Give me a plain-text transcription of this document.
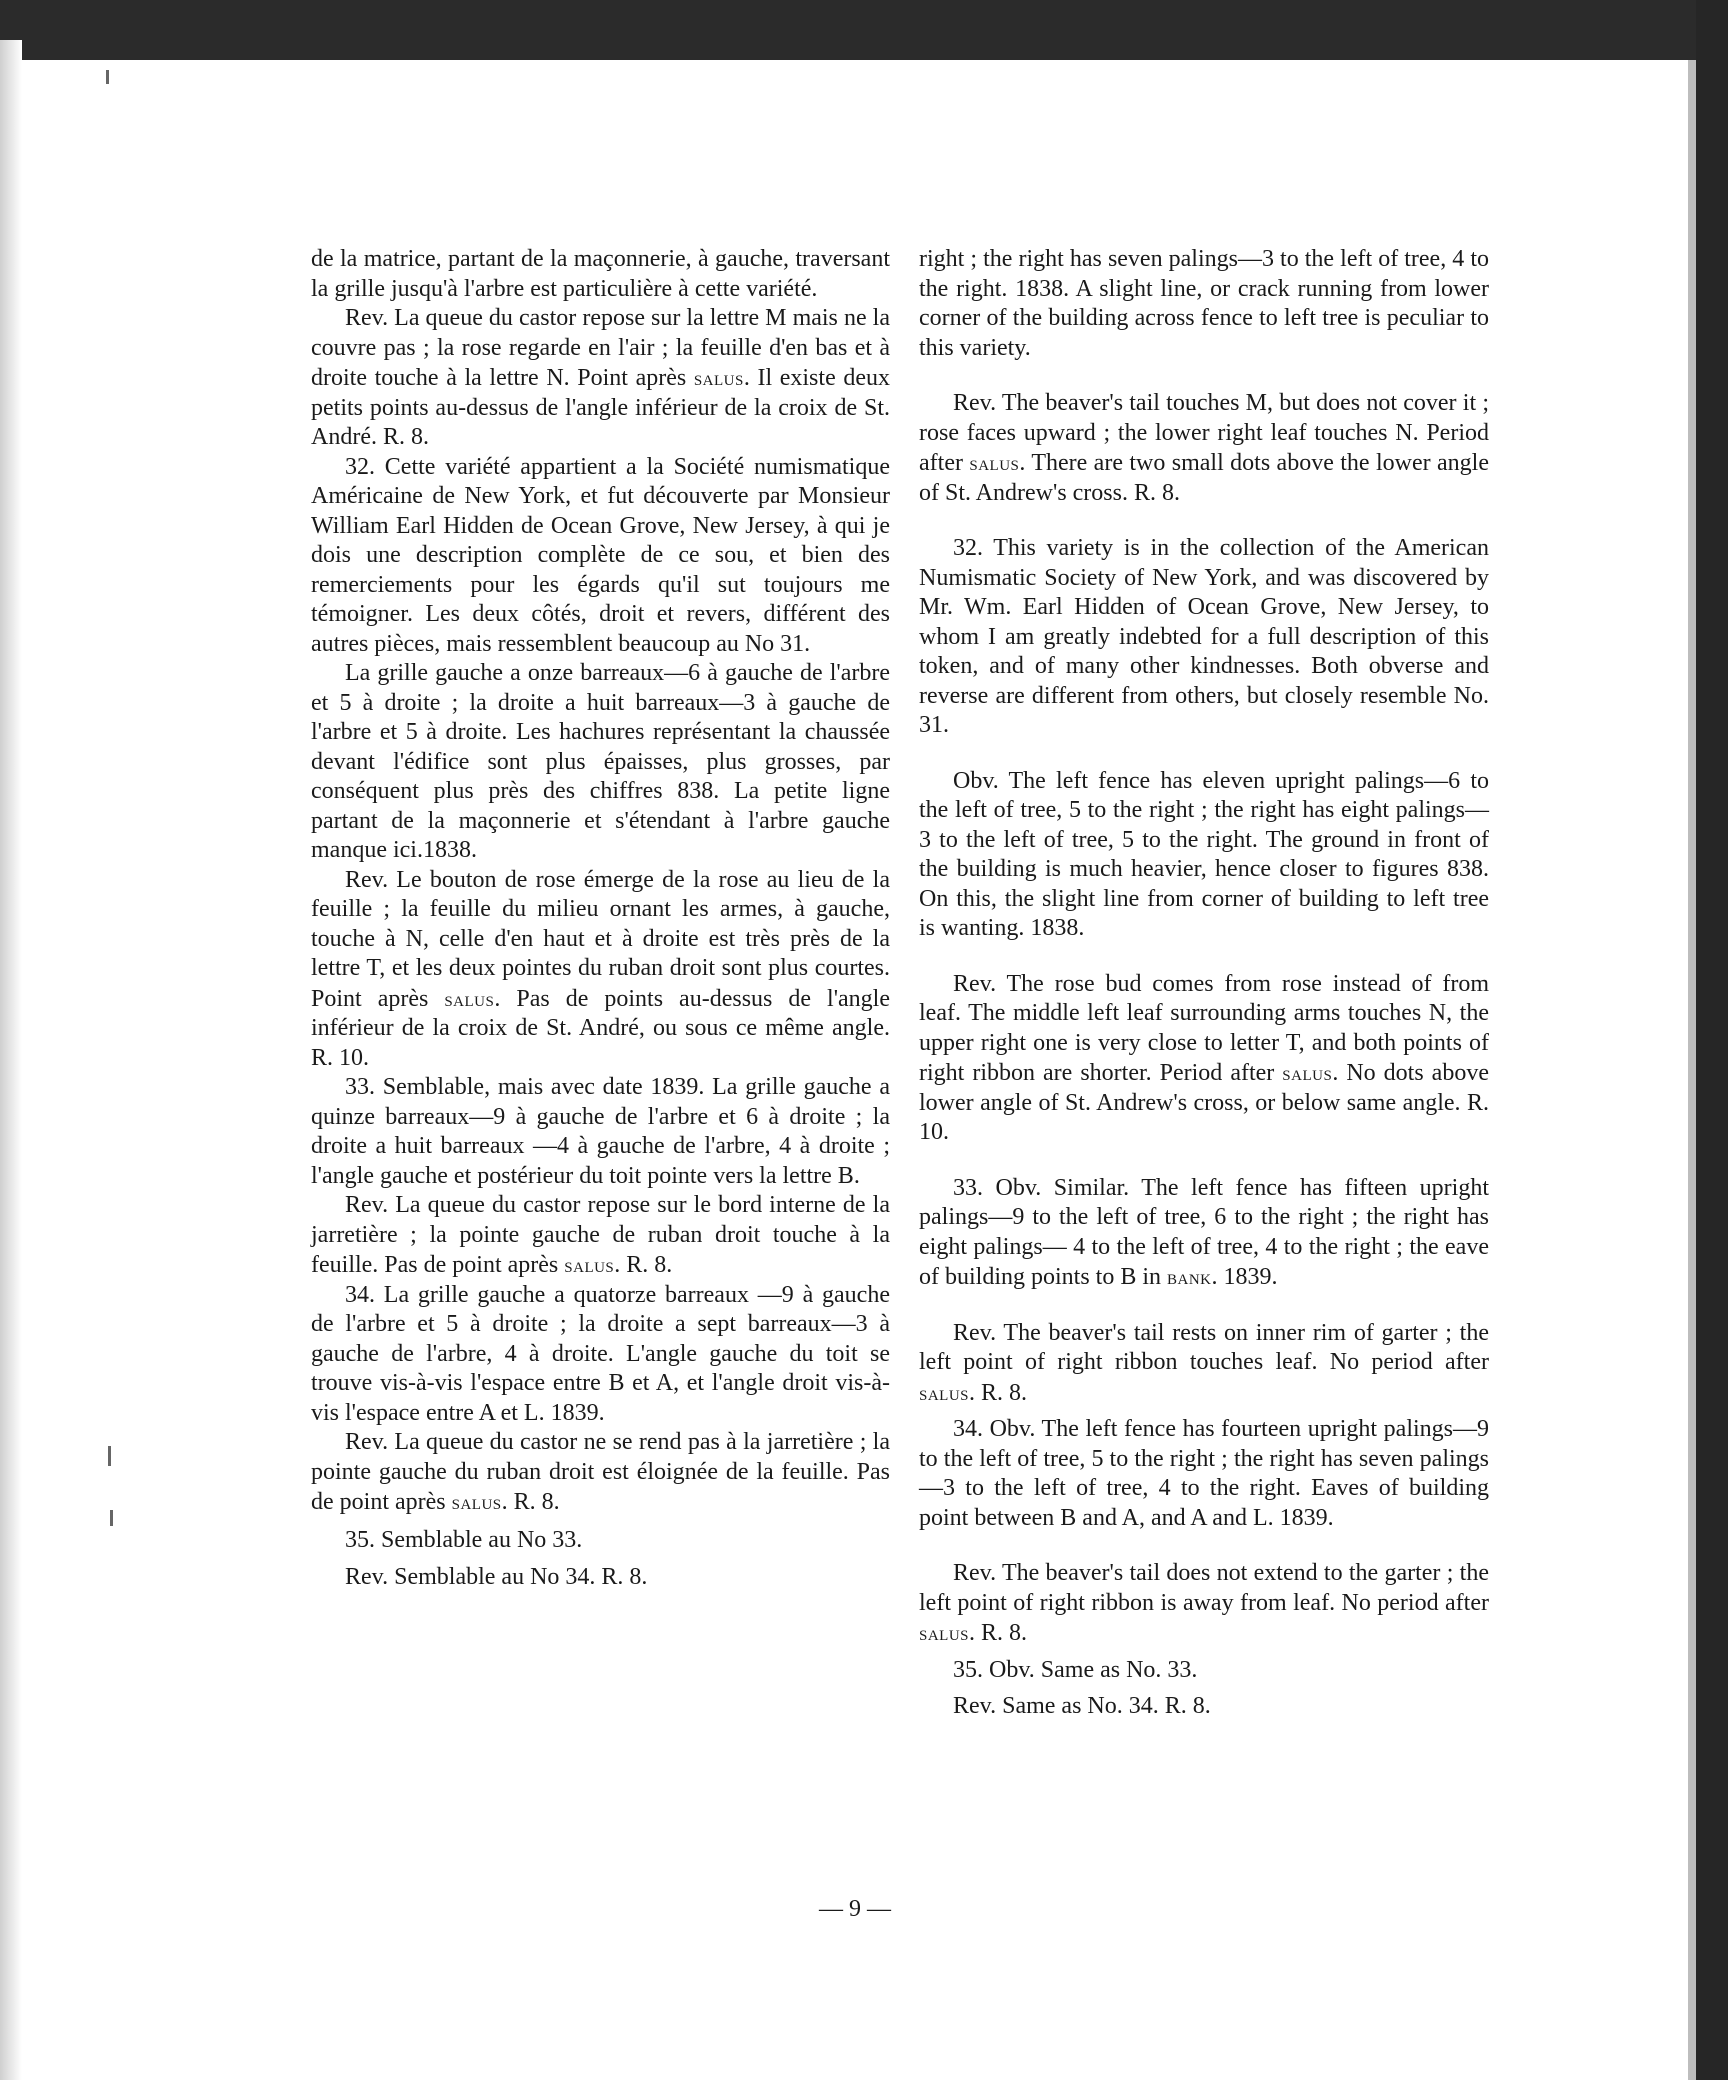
de la matrice, partant de la maçonnerie, à gauche, traversant la grille jusqu'à l'arbre est particulière à cette variété.

Rev. La queue du castor repose sur la lettre M mais ne la couvre pas ; la rose regarde en l'air ; la feuille d'en bas et à droite touche à la lettre N. Point après salus. Il existe deux petits points au-dessus de l'angle inférieur de la croix de St. André. R. 8.

32. Cette variété appartient a la Société numismatique Américaine de New York, et fut découverte par Monsieur William Earl Hidden de Ocean Grove, New Jersey, à qui je dois une description complète de ce sou, et bien des remerciements pour les égards qu'il sut toujours me témoigner. Les deux côtés, droit et revers, différent des autres pièces, mais ressemblent beaucoup au No 31.

La grille gauche a onze barreaux—6 à gauche de l'arbre et 5 à droite ; la droite a huit barreaux—3 à gauche de l'arbre et 5 à droite. Les hachures représentant la chaussée devant l'édifice sont plus épaisses, plus grosses, par conséquent plus près des chiffres 838. La petite ligne partant de la maçonnerie et s'étendant à l'arbre gauche manque ici.1838.

Rev. Le bouton de rose émerge de la rose au lieu de la feuille ; la feuille du milieu ornant les armes, à gauche, touche à N, celle d'en haut et à droite est très près de la lettre T, et les deux pointes du ruban droit sont plus courtes. Point après salus. Pas de points au-dessus de l'angle inférieur de la croix de St. André, ou sous ce même angle. R. 10.

33. Semblable, mais avec date 1839. La grille gauche a quinze barreaux—9 à gauche de l'arbre et 6 à droite ; la droite a huit barreaux —4 à gauche de l'arbre, 4 à droite ; l'angle gauche et postérieur du toit pointe vers la lettre B.

Rev. La queue du castor repose sur le bord interne de la jarretière ; la pointe gauche de ruban droit touche à la feuille. Pas de point après salus. R. 8.

34. La grille gauche a quatorze barreaux —9 à gauche de l'arbre et 5 à droite ; la droite a sept barreaux—3 à gauche de l'arbre, 4 à droite. L'angle gauche du toit se trouve vis-à-vis l'espace entre B et A, et l'angle droit vis-à-vis l'espace entre A et L. 1839.

Rev. La queue du castor ne se rend pas à la jarretière ; la pointe gauche du ruban droit est éloignée de la feuille. Pas de point après salus. R. 8.

35. Semblable au No 33.

Rev. Semblable au No 34. R. 8.

right ; the right has seven palings—3 to the left of tree, 4 to the right. 1838. A slight line, or crack running from lower corner of the building across fence to left tree is peculiar to this variety.

Rev. The beaver's tail touches M, but does not cover it ; rose faces upward ; the lower right leaf touches N. Period after salus. There are two small dots above the lower angle of St. Andrew's cross. R. 8.

32. This variety is in the collection of the American Numismatic Society of New York, and was discovered by Mr. Wm. Earl Hidden of Ocean Grove, New Jersey, to whom I am greatly indebted for a full description of this token, and of many other kindnesses. Both obverse and reverse are different from others, but closely resemble No. 31.

Obv. The left fence has eleven upright palings—6 to the left of tree, 5 to the right ; the right has eight palings—3 to the left of tree, 5 to the right. The ground in front of the building is much heavier, hence closer to figures 838. On this, the slight line from corner of building to left tree is wanting. 1838.

Rev. The rose bud comes from rose instead of from leaf. The middle left leaf surrounding arms touches N, the upper right one is very close to letter T, and both points of right ribbon are shorter. Period after salus. No dots above lower angle of St. Andrew's cross, or below same angle. R. 10.

33. Obv. Similar. The left fence has fifteen upright palings—9 to the left of tree, 6 to the right ; the right has eight palings— 4 to the left of tree, 4 to the right ; the eave of building points to B in bank. 1839.

Rev. The beaver's tail rests on inner rim of garter ; the left point of right ribbon touches leaf. No period after salus. R. 8.

34. Obv. The left fence has fourteen upright palings—9 to the left of tree, 5 to the right ; the right has seven palings—3 to the left of tree, 4 to the right. Eaves of building point between B and A, and A and L. 1839.

Rev. The beaver's tail does not extend to the garter ; the left point of right ribbon is away from leaf. No period after salus. R. 8.

35. Obv. Same as No. 33.

Rev. Same as No. 34. R. 8.

— 9 —
